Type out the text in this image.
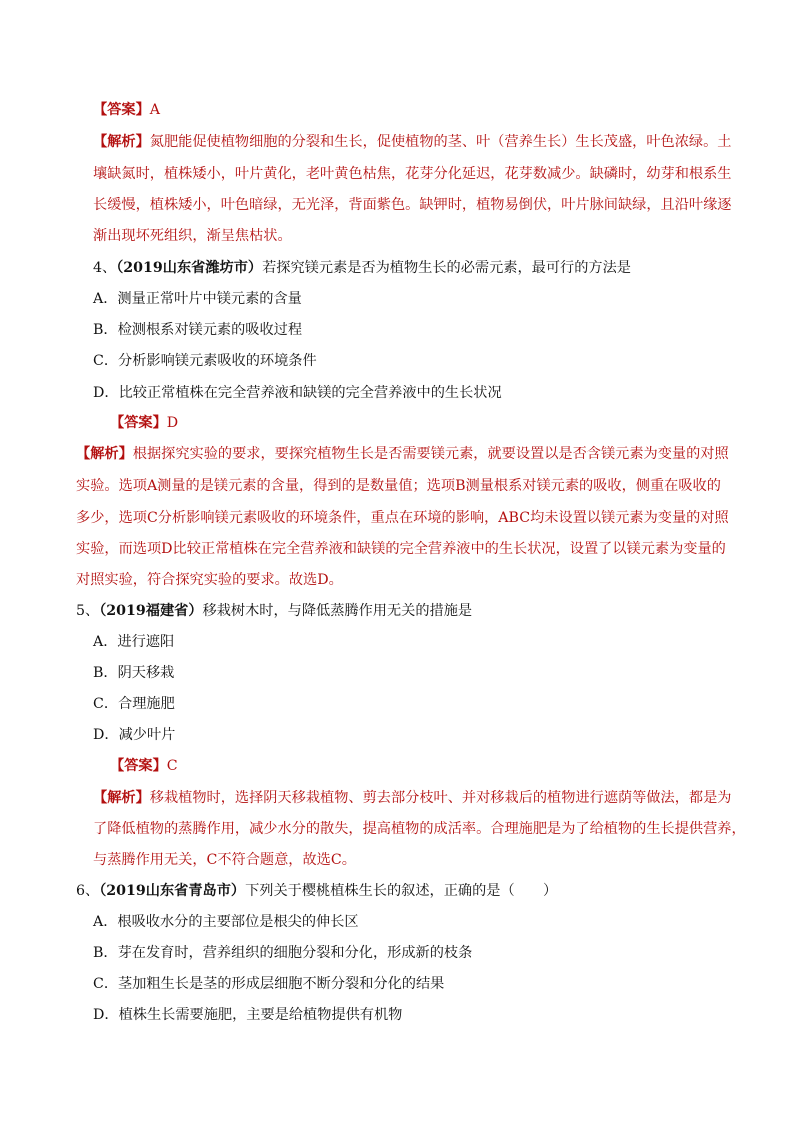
【答案】A
【解析】氮肥能促使植物细胞的分裂和生长，促使植物的茎、叶（营养生长）生长茂盛，叶色浓绿。土
壤缺氮时，植株矮小，叶片黄化，老叶黄色枯焦，花芽分化延迟，花芽数减少。缺磷时，幼芽和根系生
长缓慢，植株矮小，叶色暗绿，无光泽，背面紫色。缺钾时，植物易倒伏，叶片脉间缺绿，且沿叶缘逐
渐出现坏死组织，渐呈焦枯状。
4、（2019山东省潍坊市）若探究镁元素是否为植物生长的必需元素，最可行的方法是
A．测量正常叶片中镁元素的含量
B．检测根系对镁元素的吸收过程
C．分析影响镁元素吸收的环境条件
D．比较正常植株在完全营养液和缺镁的完全营养液中的生长状况
【答案】D
【解析】根据探究实验的要求，要探究植物生长是否需要镁元素，就要设置以是否含镁元素为变量的对照
实验。选项A测量的是镁元素的含量，得到的是数量值；选项B测量根系对镁元素的吸收，侧重在吸收的
多少，选项C分析影响镁元素吸收的环境条件，重点在环境的影响，ABC均未设置以镁元素为变量的对照
实验，而选项D比较正常植株在完全营养液和缺镁的完全营养液中的生长状况，设置了以镁元素为变量的
对照实验，符合探究实验的要求。故选D。
5、（2019福建省）移栽树木时，与降低蒸腾作用无关的措施是
A．进行遮阳
B．阴天移栽
C．合理施肥
D．减少叶片
【答案】C
【解析】移栽植物时，选择阴天移栽植物、剪去部分枝叶、并对移栽后的植物进行遮荫等做法，都是为
了降低植物的蒸腾作用，减少水分的散失，提高植物的成活率。合理施肥是为了给植物的生长提供营养，
与蒸腾作用无关，C不符合题意，故选C。
6、（2019山东省青岛市）下列关于樱桃植株生长的叙述，正确的是（　　）
A．根吸收水分的主要部位是根尖的伸长区
B．芽在发育时，营养组织的细胞分裂和分化，形成新的枝条
C．茎加粗生长是茎的形成层细胞不断分裂和分化的结果
D．植株生长需要施肥，主要是给植物提供有机物
